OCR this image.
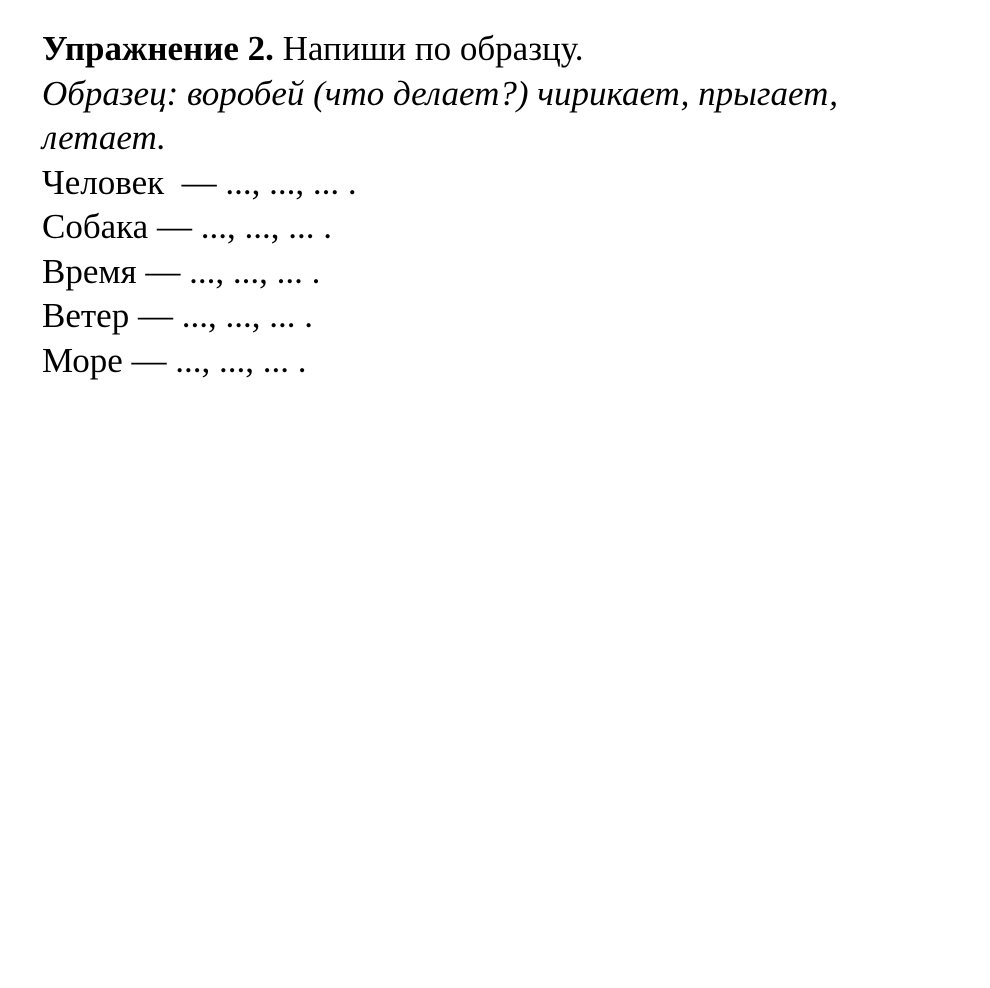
Упражнение 2. Напиши по образцу.

Образец: воробей (что делает?) чирикает, прыгает, летает.

Человек  — ..., ..., ... .

Собака — ..., ..., ... .

Время — ..., ..., ... .

Ветер — ..., ..., ... .

Море — ..., ..., ... .
